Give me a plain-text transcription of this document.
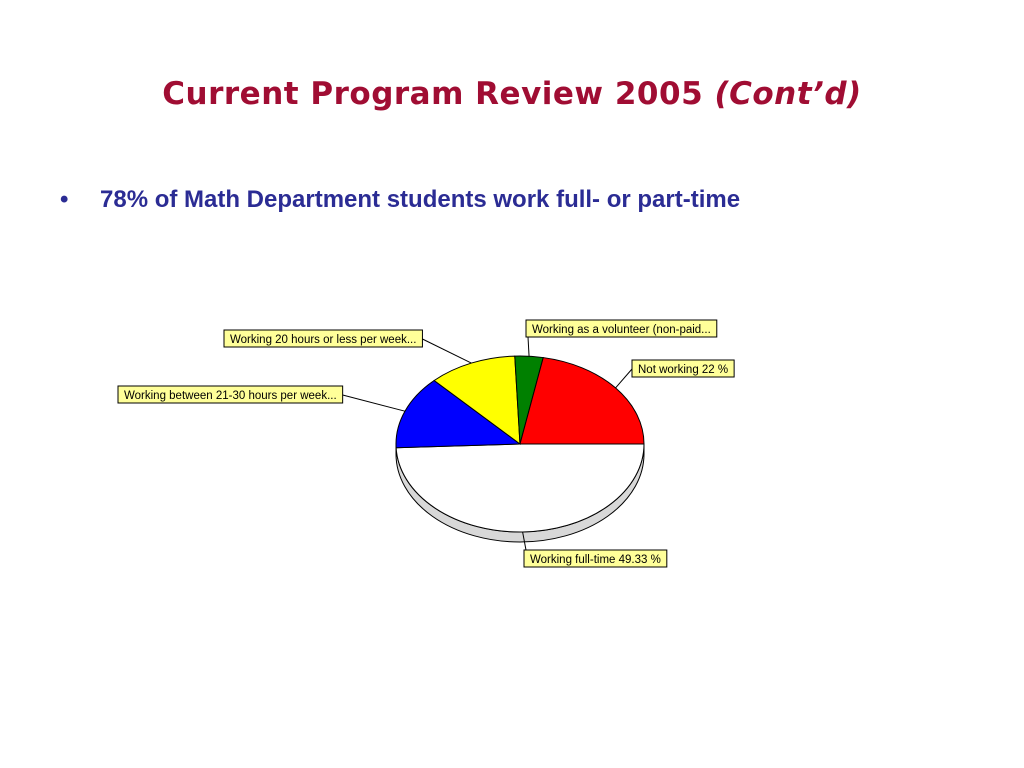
Current Program Review 2005 (Cont’d)
• 78% of Math Department students work full- or part-time
Working full-time 49.33 %
Working between 21-30 hours per week...
Working 20 hours or less per week...
Working as a volunteer (non-paid...
Not working 22 %
